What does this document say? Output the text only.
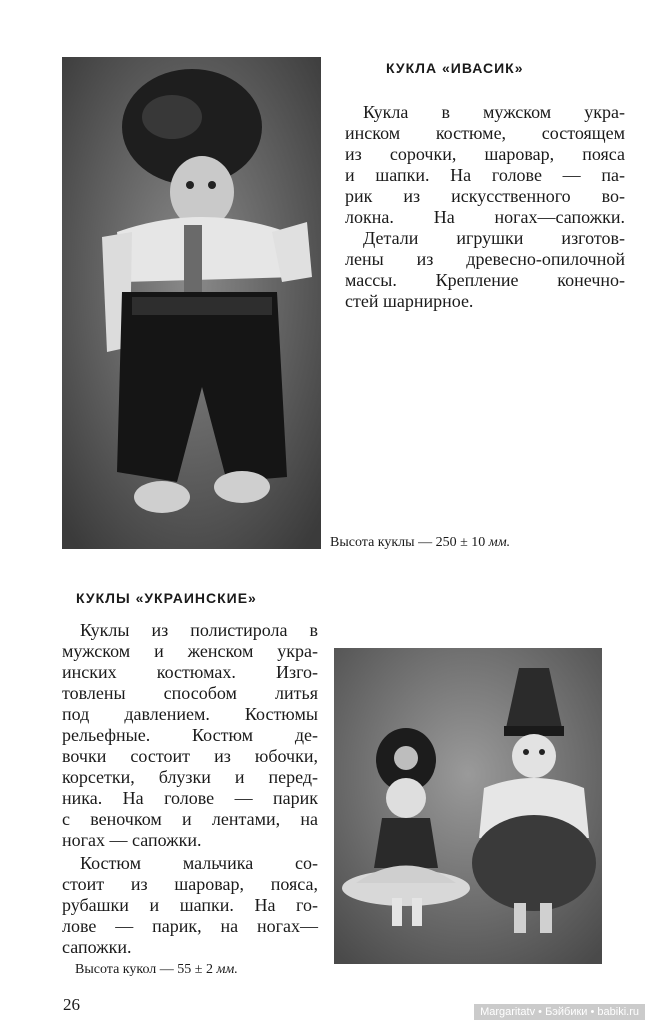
КУКЛА «ИВАСИК»
Кукла в мужском укра-
инском костюме, состоящем
из сорочки, шаровар, пояса
и шапки. На голове — па-
рик из искусственного во-
локна. На ногах—сапожки.
Детали игрушки изготов-
лены из древесно-опилочной
массы. Крепление конечно-
стей шарнирное.
Высота куклы — 250 ± 10 мм.
КУКЛЫ «УКРАИНСКИЕ»
Куклы из полистирола в
мужском и женском укра-
инских костюмах. Изго-
товлены способом литья
под давлением. Костюмы
рельефные. Костюм де-
вочки состоит из юбочки,
корсетки, блузки и перед-
ника. На голове — парик
с веночком и лентами, на
ногах — сапожки.
Костюм мальчика со-
стоит из шаровар, пояса,
рубашки и шапки. На го-
лове — парик, на ногах—
сапожки.
Высота кукол — 55 ± 2 мм.
26	Margaritatv • Бэйбики • babiki.ru
